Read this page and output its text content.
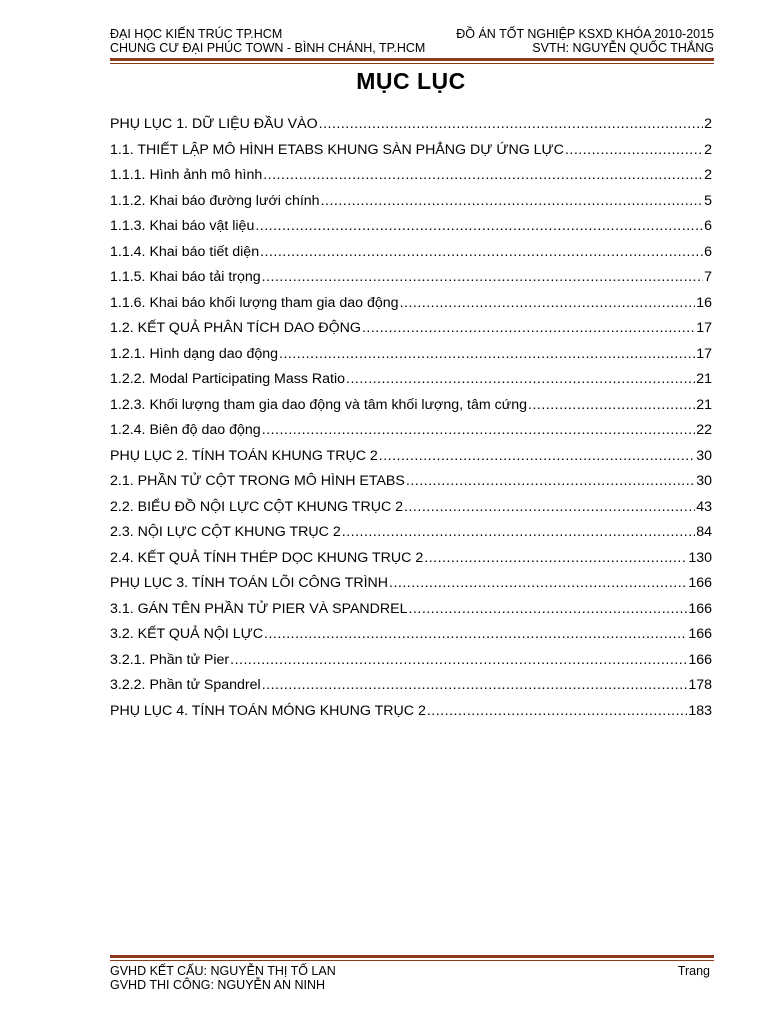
ĐẠI HỌC KIẾN TRÚC TP.HCM	ĐỒ ÁN TỐT NGHIỆP KSXD KHÓA 2010-2015
CHUNG CƯ ĐẠI PHÚC TOWN - BÌNH CHÁNH, TP.HCM	SVTH: NGUYỄN QUỐC THẮNG
MỤC LỤC
PHỤ LỤC 1. DỮ LIỆU ĐẦU VÀO .....	2
1.1. THIẾT LẬP MÔ HÌNH ETABS KHUNG SÀN PHẲNG DỰ ỨNG LỰC .....	2
1.1.1. Hình ảnh mô hình .....	2
1.1.2. Khai báo đường lưới chính .....	5
1.1.3. Khai báo vật liệu .....	6
1.1.4. Khai báo tiết diện .....	6
1.1.5. Khai báo tải trọng .....	7
1.1.6. Khai báo khối lượng tham gia dao động .....	16
1.2. KẾT QUẢ PHÂN TÍCH DAO ĐỘNG .....	17
1.2.1. Hình dạng dao động .....	17
1.2.2. Modal Participating Mass Ratio .....	21
1.2.3. Khối lượng tham gia dao động và tâm khối lượng, tâm cứng .....	21
1.2.4. Biên độ dao động .....	22
PHỤ LỤC 2. TÍNH TOÁN KHUNG TRỤC 2 .....	30
2.1. PHẦN TỬ CỘT TRONG MÔ HÌNH ETABS .....	30
2.2. BIỂU ĐỒ NỘI LỰC CỘT KHUNG TRỤC 2 .....	43
2.3. NỘI LỰC CỘT KHUNG TRỤC 2 .....	84
2.4. KẾT QUẢ TÍNH THÉP DỌC KHUNG TRỤC 2 .....	130
PHỤ LỤC 3. TÍNH TOÁN LÕI CÔNG TRÌNH .....	166
3.1. GÁN TÊN PHẦN TỬ PIER VÀ SPANDREL .....	166
3.2. KẾT QUẢ NỘI LỰC .....	166
3.2.1. Phần tử Pier .....	166
3.2.2. Phần tử Spandrel .....	178
PHỤ LỤC 4. TÍNH TOÁN MÓNG KHUNG TRỤC 2 .....	183
GVHD KẾT CẤU: NGUYỄN THỊ TỐ LAN	Trang
GVHD THI CÔNG: NGUYỄN AN NINH
